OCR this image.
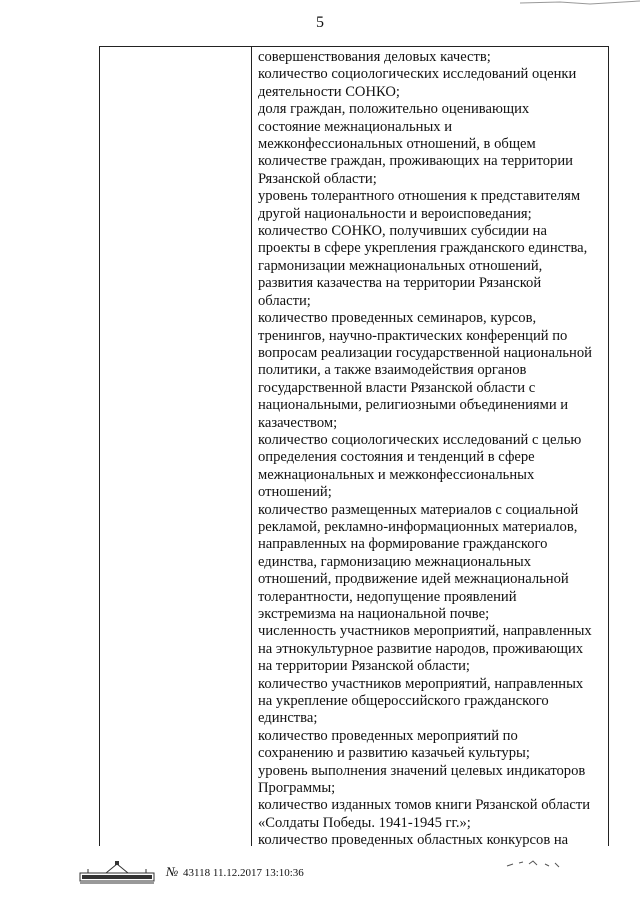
5
совершенствования деловых качеств;
количество социологических исследований оценки
деятельности СОНКО;
доля граждан, положительно оценивающих
состояние межнациональных и
межконфессиональных отношений, в общем
количестве граждан, проживающих на территории
Рязанской области;
уровень толерантного отношения к представителям
другой национальности и вероисповедания;
количество СОНКО, получивших субсидии на
проекты в сфере укрепления гражданского единства,
гармонизации межнациональных отношений,
развития казачества на территории Рязанской
области;
количество проведенных семинаров, курсов,
тренингов, научно-практических конференций по
вопросам реализации государственной национальной
политики, а также взаимодействия органов
государственной власти Рязанской области с
национальными, религиозными объединениями и
казачеством;
количество социологических исследований с целью
определения состояния и тенденций в сфере
межнациональных и межконфессиональных
отношений;
количество размещенных материалов с социальной
рекламой, рекламно-информационных материалов,
направленных на формирование гражданского
единства, гармонизацию межнациональных
отношений, продвижение идей межнациональной
толерантности, недопущение проявлений
экстремизма на национальной почве;
численность участников мероприятий, направленных
на этнокультурное развитие народов, проживающих
на территории Рязанской области;
количество участников мероприятий, направленных
на укрепление общероссийского гражданского
единства;
количество проведенных мероприятий по
сохранению и развитию казачьей культуры;
уровень выполнения значений целевых индикаторов
Программы;
количество изданных томов книги Рязанской области
«Солдаты Победы. 1941-1945 гг.»;
количество проведенных областных конкурсов на
№ 43118 11.12.2017 13:10:36
